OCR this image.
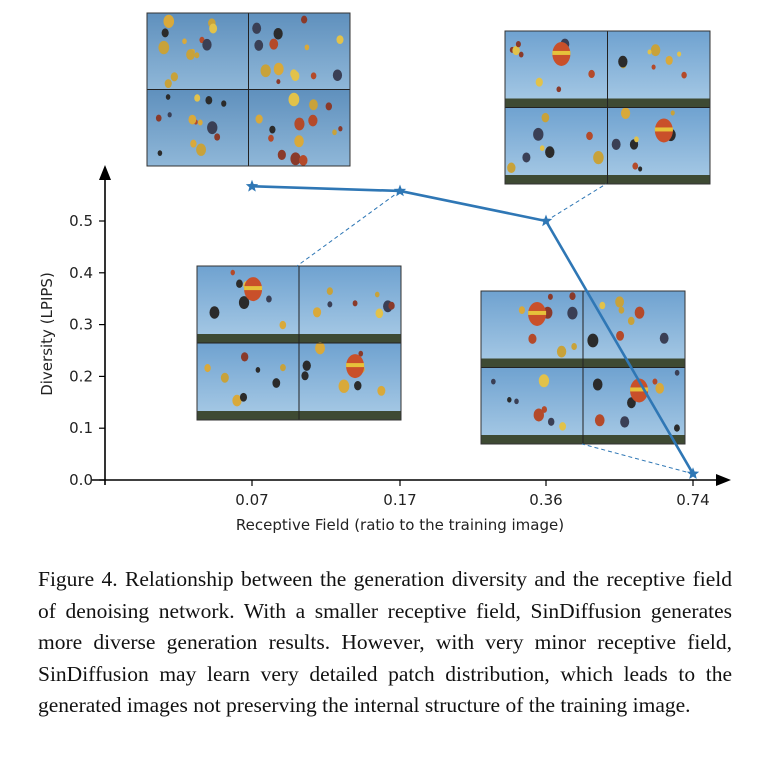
0.0
0.1
0.2
0.3
0.4
0.5
0.07	0.17	0.36	0.74
Receptive Field (ratio to the training image)
Diversity (LPIPS)

Figure 4. Relationship between the generation diversity and the receptive field of denoising network. With a smaller receptive field, SinDiffusion generates more diverse generation results. However, with very minor receptive field, SinDiffusion may learn very detailed patch distribution, which leads to the generated images not preserving the internal structure of the training image.
